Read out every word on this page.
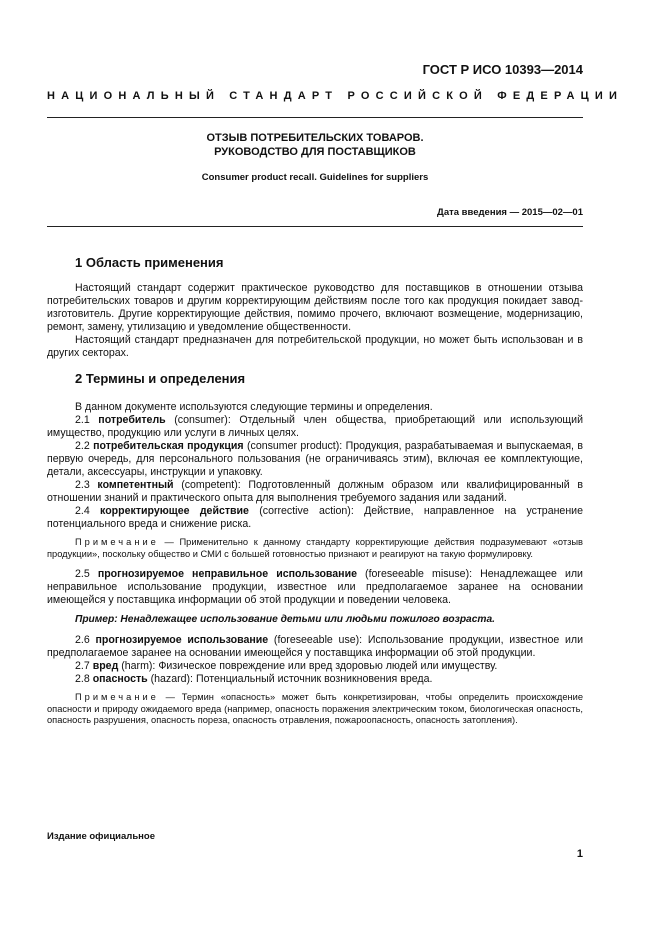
ГОСТ Р ИСО 10393—2014
НАЦИОНАЛЬНЫЙ СТАНДАРТ РОССИЙСКОЙ ФЕДЕРАЦИИ
ОТЗЫВ ПОТРЕБИТЕЛЬСКИХ ТОВАРОВ.
РУКОВОДСТВО ДЛЯ ПОСТАВЩИКОВ
Consumer product recall. Guidelines for suppliers
Дата введения — 2015—02—01
1 Область применения

Настоящий стандарт содержит практическое руководство для поставщиков в отношении отзыва потребительских товаров и другим корректирующим действиям после того как продукция покидает завод-изготовитель. Другие корректирующие действия, помимо прочего, включают возмещение, модернизацию, ремонт, замену, утилизацию и уведомление общественности.

Настоящий стандарт предназначен для потребительской продукции, но может быть использован и в других секторах.

2 Термины и определения

В данном документе используются следующие термины и определения.

2.1 потребитель (consumer): Отдельный член общества, приобретающий или использующий имущество, продукцию или услуги в личных целях.

2.2 потребительская продукция (consumer product): Продукция, разрабатываемая и выпускаемая, в первую очередь, для персонального пользования (не ограничиваясь этим), включая ее комплектующие, детали, аксессуары, инструкции и упаковку.

2.3 компетентный (competent): Подготовленный должным образом или квалифицированный в отношении знаний и практического опыта для выполнения требуемого задания или заданий.

2.4 корректирующее действие (corrective action): Действие, направленное на устранение потенциального вреда и снижение риска.

Примечание — Применительно к данному стандарту корректирующие действия подразумевают «отзыв продукции», поскольку общество и СМИ с большей готовностью признают и реагируют на такую формулировку.

2.5 прогнозируемое неправильное использование (foreseeable misuse): Ненадлежащее или неправильное использование продукции, известное или предполагаемое заранее на основании имеющейся у поставщика информации об этой продукции и поведении человека.

Пример: Ненадлежащее использование детьми или людьми пожилого возраста.

2.6 прогнозируемое использование (foreseeable use): Использование продукции, известное или предполагаемое заранее на основании имеющейся у поставщика информации об этой продукции.

2.7 вред (harm): Физическое повреждение или вред здоровью людей или имуществу.

2.8 опасность (hazard): Потенциальный источник возникновения вреда.

Примечание — Термин «опасность» может быть конкретизирован, чтобы определить происхождение опасности и природу ожидаемого вреда (например, опасность поражения электрическим током, биологическая опасность, опасность разрушения, опасность пореза, опасность отравления, пожароопасность, опасность затопления).
Издание официальное
1
